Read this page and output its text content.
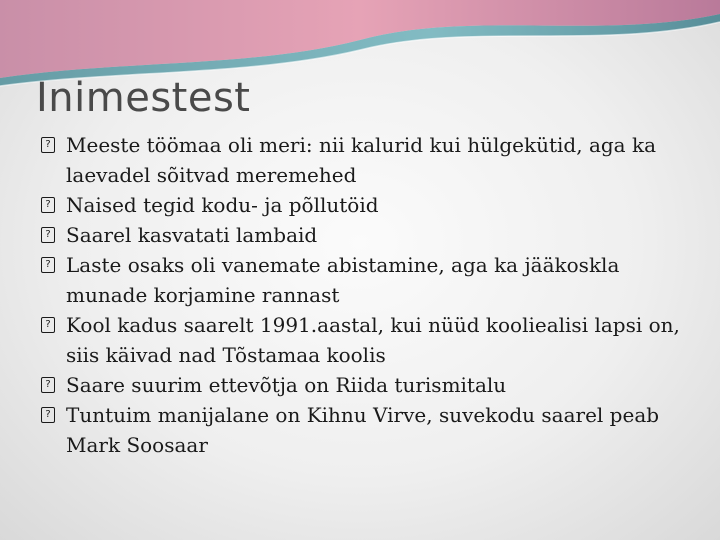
Inimestest
? Meeste töömaa oli meri: nii kalurid kui hülgekütid, aga ka laevadel sõitvad meremehed
? Naised tegid kodu- ja põllutöid
? Saarel kasvatati lambaid
? Laste osaks oli vanemate abistamine, aga ka jääkoskla munade korjamine rannast
? Kool kadus saarelt 1991.aastal, kui nüüd kooliealisi lapsi on, siis käivad nad Tõstamaa koolis
? Saare suurim ettevõtja on Riida turismitalu
? Tuntuim manijalane on Kihnu Virve, suvekodu saarel peab Mark Soosaar
